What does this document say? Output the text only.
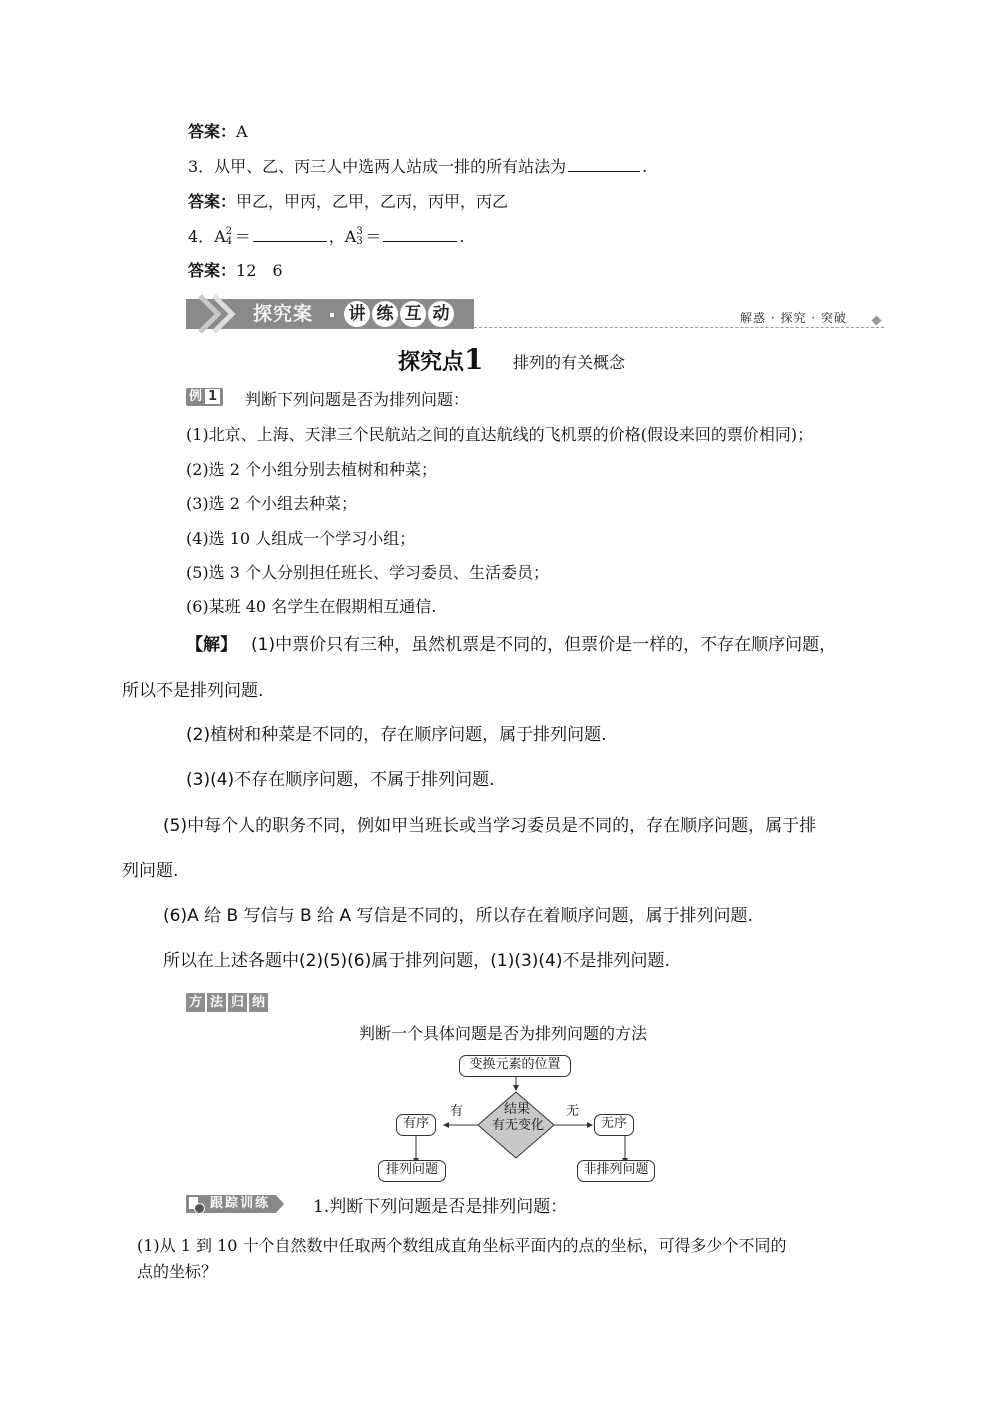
答案：A
3．从甲、乙、丙三人中选两人站成一排的所有站法为	.
答案：甲乙，甲丙，乙甲，乙丙，丙甲，丙乙
4．A 2
4 ＝	，A 3
3 ＝	.
答案：12　6
探究案 讲 练 互 动	解惑 · 探究 · 突破
探究点1 排列的有关概念
例 1	判断下列问题是否为排列问题：
(1)北京、上海、天津三个民航站之间的直达航线的飞机票的价格(假设来回的票价相同)；
(2)选 2 个小组分别去植树和种菜；
(3)选 2 个小组去种菜；
(4)选 10 人组成一个学习小组；
(5)选 3 个人分别担任班长、学习委员、生活委员；
(6)某班 40 名学生在假期相互通信.
【解】 (1)中票价只有三种，虽然机票是不同的，但票价是一样的，不存在顺序问题，
所以不是排列问题.
(2)植树和种菜是不同的，存在顺序问题，属于排列问题.
(3)(4)不存在顺序问题，不属于排列问题.
(5)中每个人的职务不同，例如甲当班长或当学习委员是不同的，存在顺序问题，属于排
列问题.
(6)A 给 B 写信与 B 给 A 写信是不同的，所以存在着顺序问题，属于排列问题.
所以在上述各题中(2)(5)(6)属于排列问题，(1)(3)(4)不是排列问题.
方 法 归 纳
判断一个具体问题是否为排列问题的方法
变换元素的位置
结果
有无变化
有	无
有序	无序
排列问题	非排列问题
跟踪训练	1.判断下列问题是否是排列问题：
(1)从 1 到 10 十个自然数中任取两个数组成直角坐标平面内的点的坐标，可得多少个不同的
点的坐标？
